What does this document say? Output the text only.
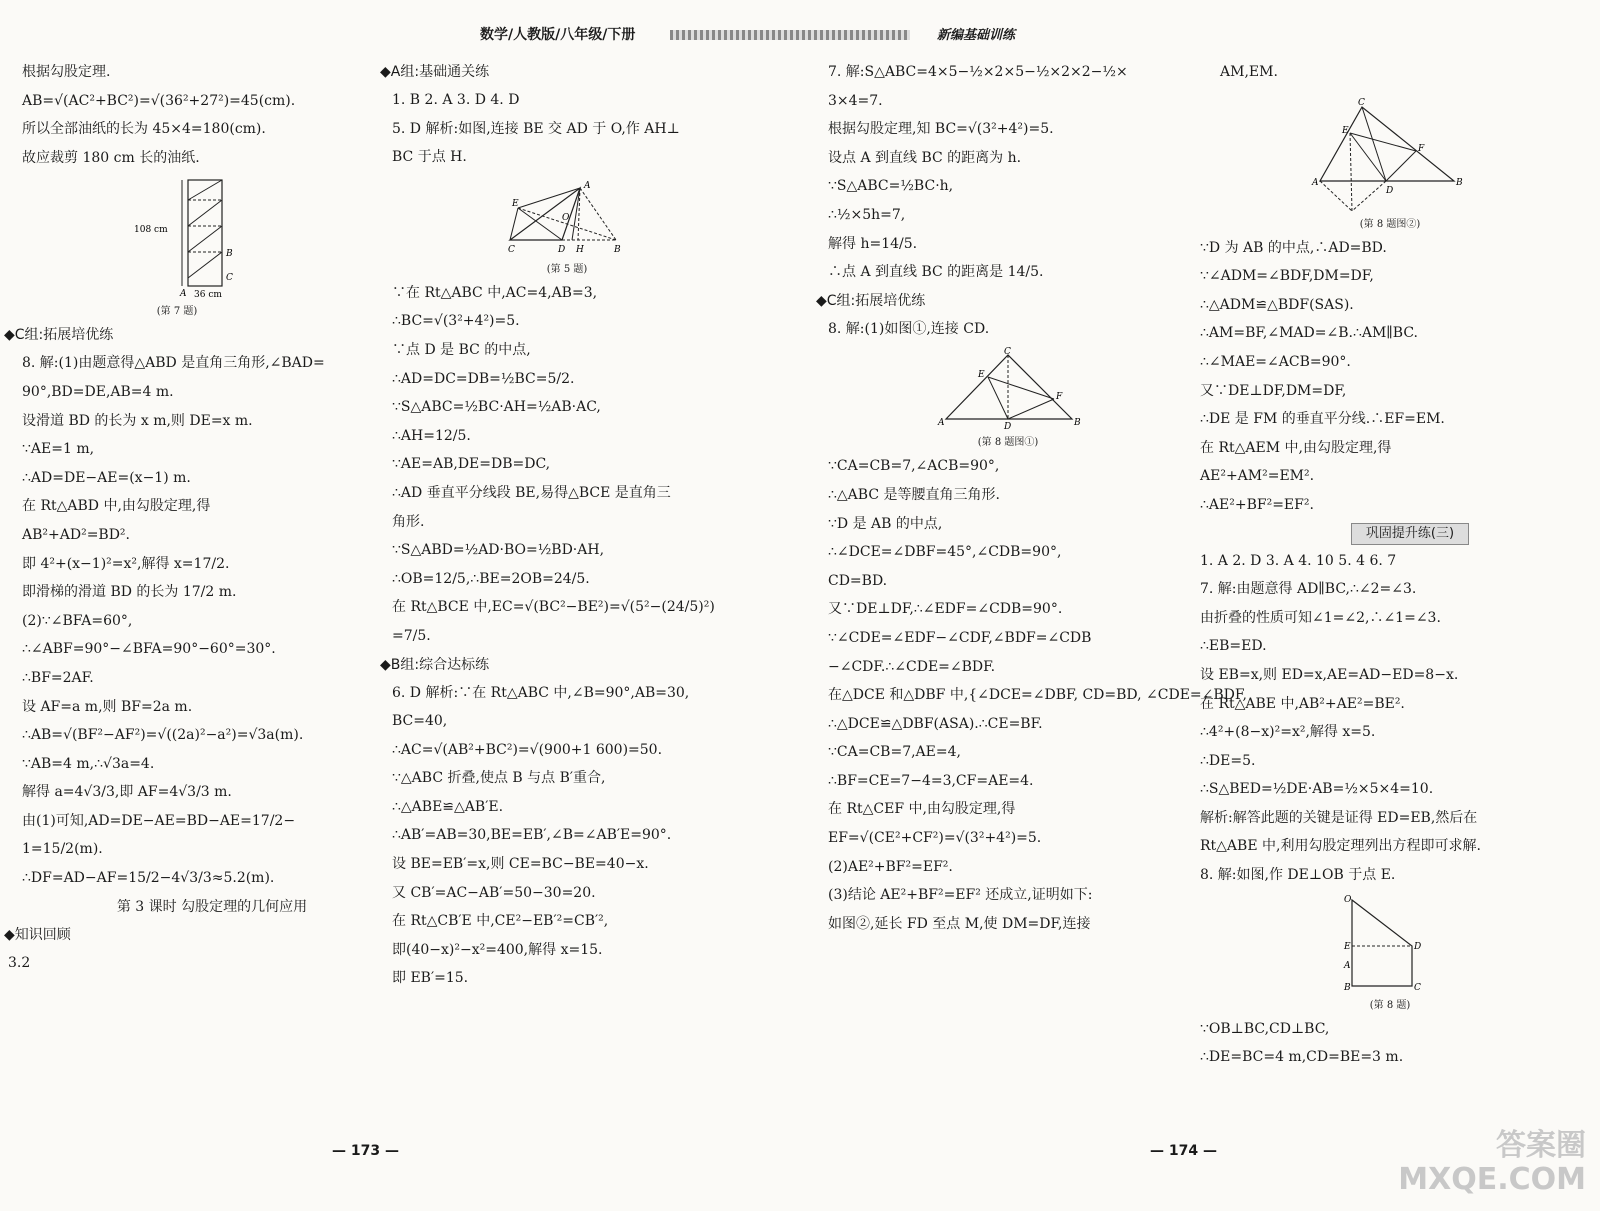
数学/人教版/八年级/下册	新编基础训练
根据勾股定理.
AB=√(AC²+BC²)=√(36²+27²)=45(cm).
所以全部油纸的长为 45×4=180(cm).
故应裁剪 180 cm 长的油纸.
108 cm
36 cm
B
C
A
(第 7 题)
◆C组:拓展培优练
8. 解:(1)由题意得△ABD 是直角三角形,∠BAD=
90°,BD=DE,AB=4 m.
设滑道 BD 的长为 x m,则 DE=x m.
∵AE=1 m,
∴AD=DE−AE=(x−1) m.
在 Rt△ABD 中,由勾股定理,得
AB²+AD²=BD².
即 4²+(x−1)²=x²,解得 x=17/2.
即滑梯的滑道 BD 的长为 17/2 m.
(2)∵∠BFA=60°,
∴∠ABF=90°−∠BFA=90°−60°=30°.
∴BF=2AF.
设 AF=a m,则 BF=2a m.
∴AB=√(BF²−AF²)=√((2a)²−a²)=√3a(m).
∵AB=4 m,∴√3a=4.
解得 a=4√3/3,即 AF=4√3/3 m.
由(1)可知,AD=DE−AE=BD−AE=17/2−
1=15/2(m).
∴DF=AD−AF=15/2−4√3/3≈5.2(m).
第 3 课时 勾股定理的几何应用
◆知识回顾
3.2
◆A组:基础通关练
1. B 2. A 3. D 4. D
5. D 解析:如图,连接 BE 交 AD 于 O,作 AH⊥
BC 于点 H.
C
E
A
D H	B
O
(第 5 题)
∵在 Rt△ABC 中,AC=4,AB=3,
∴BC=√(3²+4²)=5.
∵点 D 是 BC 的中点,
∴AD=DC=DB=½BC=5/2.
∵S△ABC=½BC·AH=½AB·AC,
∴AH=12/5.
∵AE=AB,DE=DB=DC,
∴AD 垂直平分线段 BE,易得△BCE 是直角三
角形.
∵S△ABD=½AD·BO=½BD·AH,
∴OB=12/5,∴BE=2OB=24/5.
在 Rt△BCE 中,EC=√(BC²−BE²)=√(5²−(24/5)²)
=7/5.
◆B组:综合达标练
6. D 解析:∵在 Rt△ABC 中,∠B=90°,AB=30,
BC=40,
∴AC=√(AB²+BC²)=√(900+1 600)=50.
∵△ABC 折叠,使点 B 与点 B′重合,
∴△ABE≌△AB′E.
∴AB′=AB=30,BE=EB′,∠B=∠AB′E=90°.
设 BE=EB′=x,则 CE=BC−BE=40−x.
又 CB′=AC−AB′=50−30=20.
在 Rt△CB′E 中,CE²−EB′²=CB′²,
即(40−x)²−x²=400,解得 x=15.
即 EB′=15.
7. 解:S△ABC=4×5−½×2×5−½×2×2−½×
3×4=7.
根据勾股定理,知 BC=√(3²+4²)=5.
设点 A 到直线 BC 的距离为 h.
∵S△ABC=½BC·h,
∴½×5h=7,
解得 h=14/5.
∴点 A 到直线 BC 的距离是 14/5.
◆C组:拓展培优练
8. 解:(1)如图①,连接 CD.
C
E
F
A	D	B
(第 8 题图①)
∵CA=CB=7,∠ACB=90°,
∴△ABC 是等腰直角三角形.
∵D 是 AB 的中点,
∴∠DCE=∠DBF=45°,∠CDB=90°,
CD=BD.
又∵DE⊥DF,∴∠EDF=∠CDB=90°.
∵∠CDE=∠EDF−∠CDF,∠BDF=∠CDB
−∠CDF.∴∠CDE=∠BDF.
在△DCE 和△DBF 中,{∠DCE=∠DBF, CD=BD, ∠CDE=∠BDF,
∴△DCE≌△DBF(ASA).∴CE=BF.
∵CA=CB=7,AE=4,
∴BF=CE=7−4=3,CF=AE=4.
在 Rt△CEF 中,由勾股定理,得
EF=√(CE²+CF²)=√(3²+4²)=5.
(2)AE²+BF²=EF².
(3)结论 AE²+BF²=EF² 还成立,证明如下:
如图②,延长 FD 至点 M,使 DM=DF,连接
AM,EM.
C
E
F
A
D
B
(第 8 题图②)
∵D 为 AB 的中点,∴AD=BD.
∵∠ADM=∠BDF,DM=DF,
∴△ADM≌△BDF(SAS).
∴AM=BF,∠MAD=∠B.∴AM∥BC.
∴∠MAE=∠ACB=90°.
又∵DE⊥DF,DM=DF,
∴DE 是 FM 的垂直平分线.∴EF=EM.
在 Rt△AEM 中,由勾股定理,得
AE²+AM²=EM².
∴AE²+BF²=EF².
巩固提升练(三)
1. A 2. D 3. A 4. 10 5. 4 6. 7
7. 解:由题意得 AD∥BC,∴∠2=∠3.
由折叠的性质可知∠1=∠2,∴∠1=∠3.
∴EB=ED.
设 EB=x,则 ED=x,AE=AD−ED=8−x.
在 Rt△ABE 中,AB²+AE²=BE².
∴4²+(8−x)²=x²,解得 x=5.
∴DE=5.
∴S△BED=½DE·AB=½×5×4=10.
解析:解答此题的关键是证得 ED=EB,然后在
Rt△ABE 中,利用勾股定理列出方程即可求解.
8. 解:如图,作 DE⊥OB 于点 E.
O
E
A
B
D
C
(第 8 题)
∵OB⊥BC,CD⊥BC,
∴DE=BC=4 m,CD=BE=3 m.
— 173 —	— 174 —	答案圈
MXQE.COM
